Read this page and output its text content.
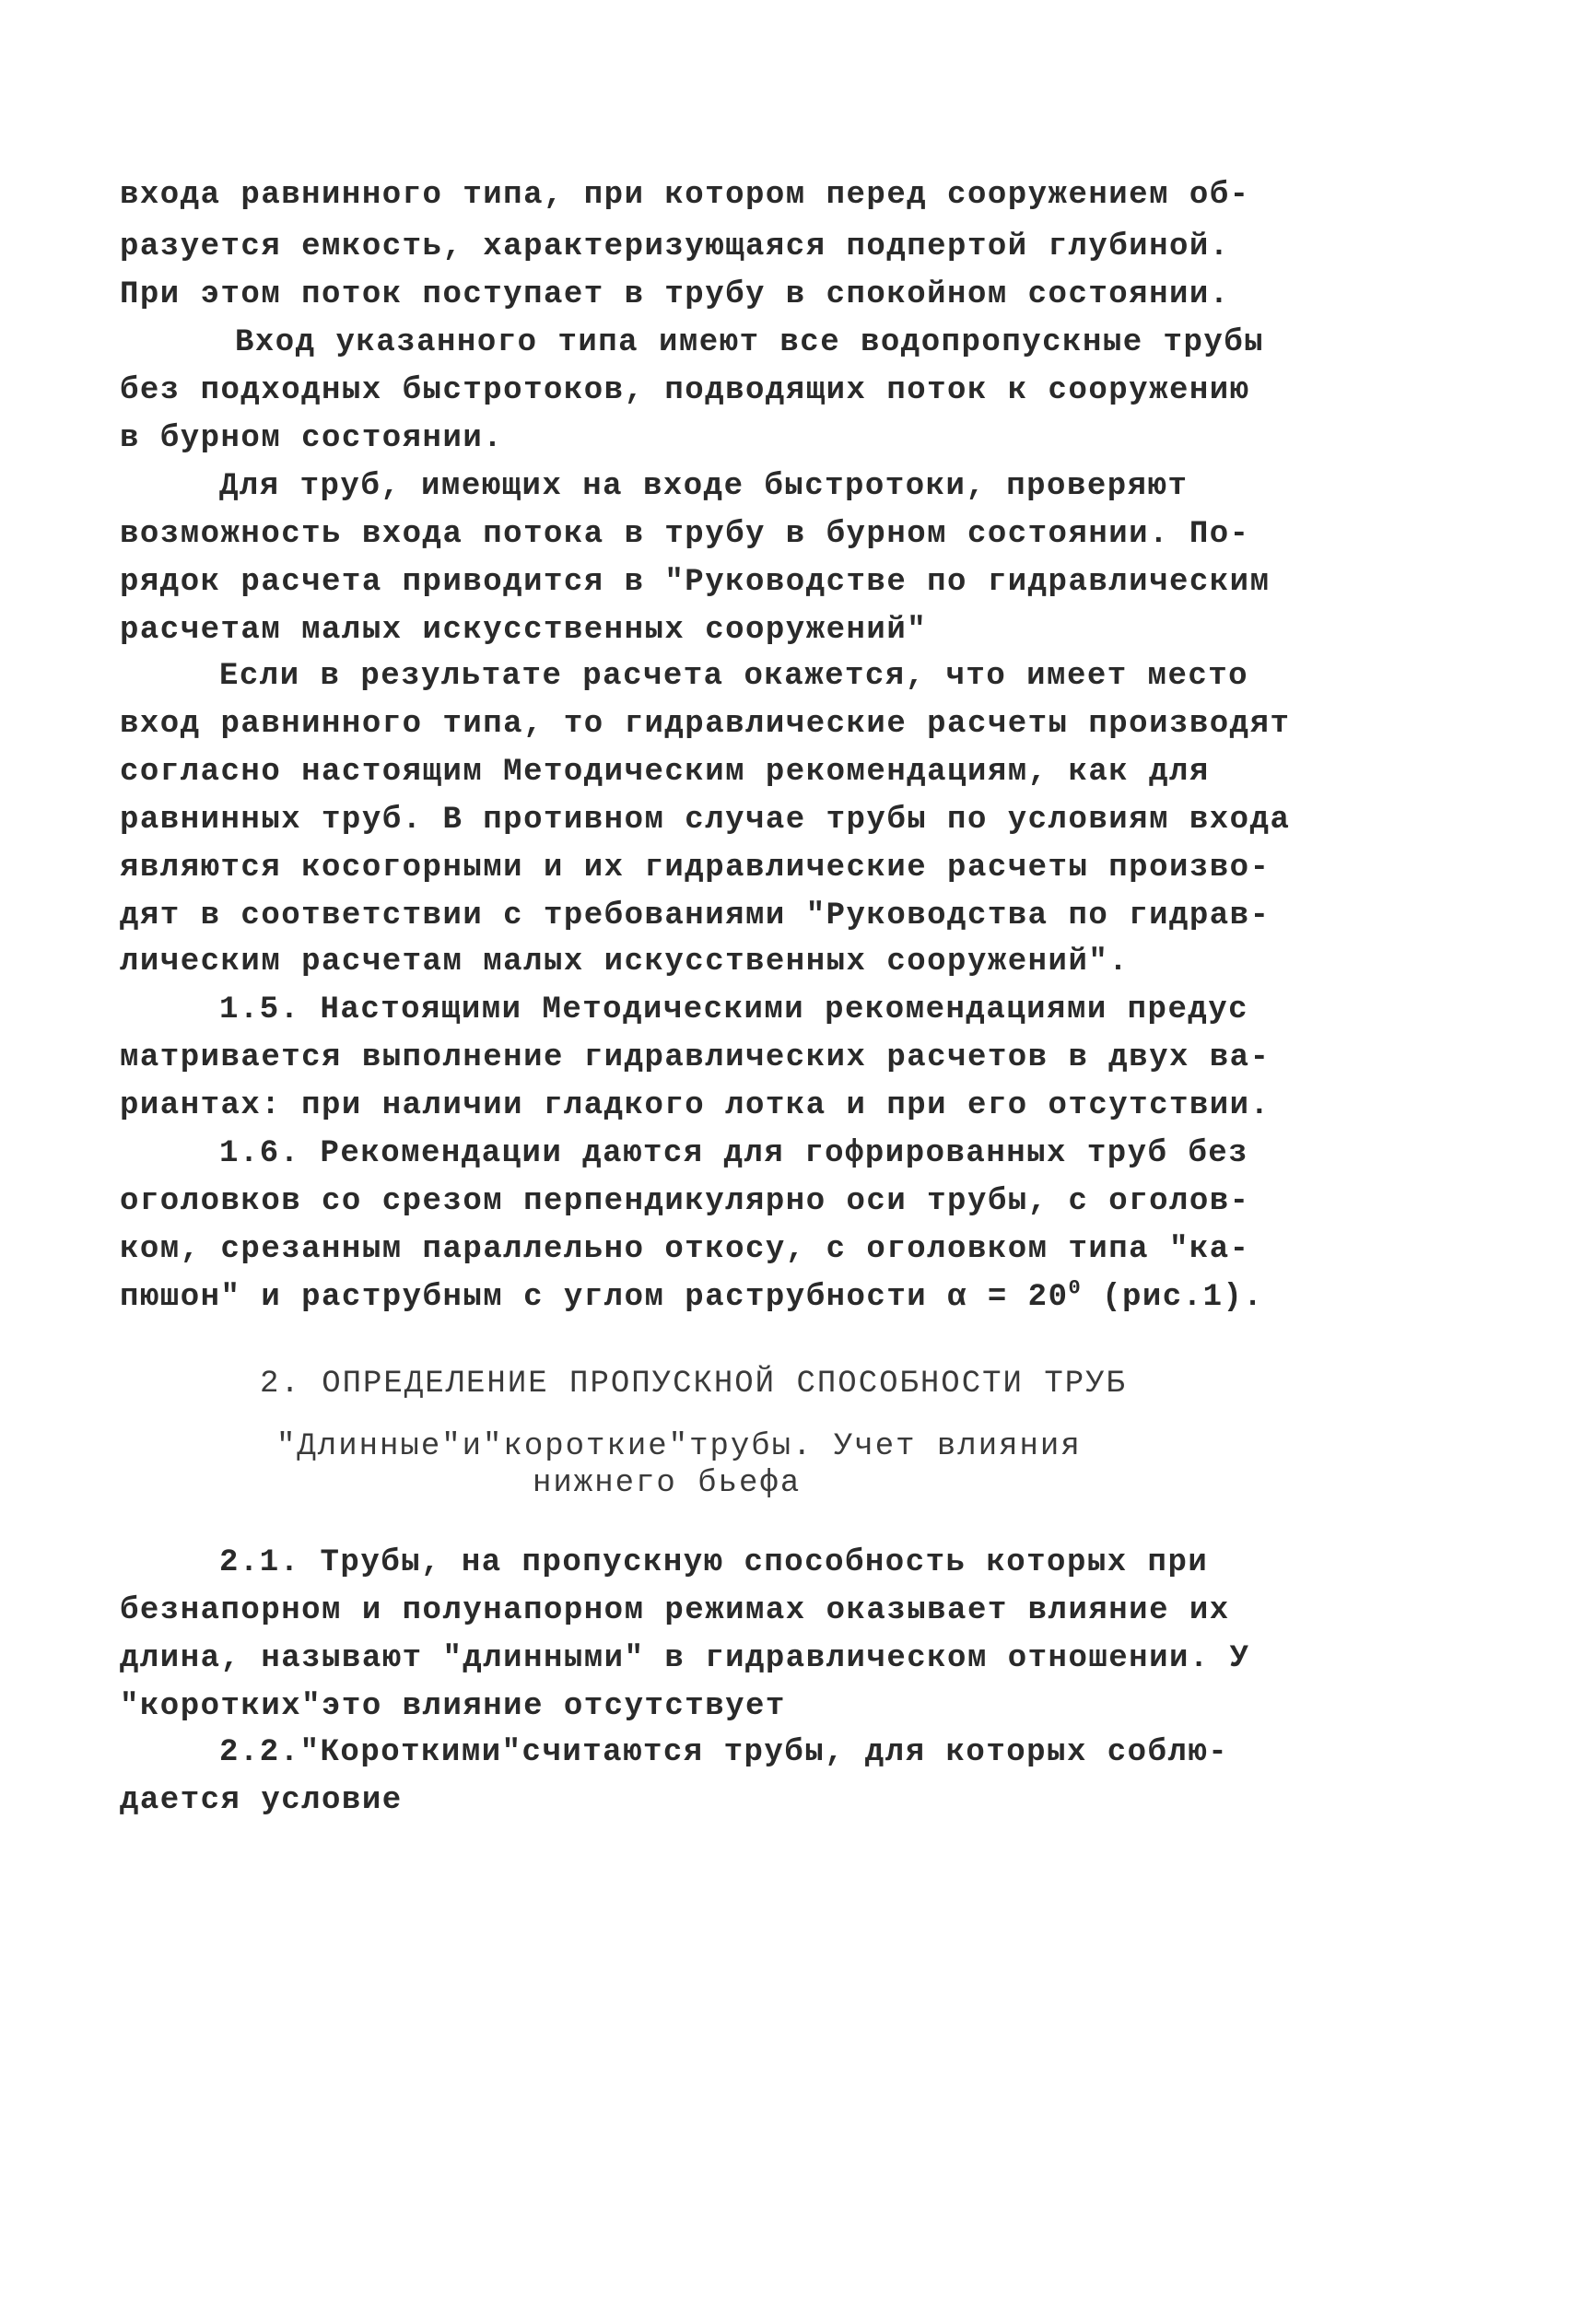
входа равнинного типа, при котором перед сооружением об-
разуется емкость, характеризующаяся подпертой глубиной.
При этом поток поступает в трубу в спокойном состоянии.
Вход указанного типа имеют все водопропускные трубы
без подходных быстротоков, подводящих поток к сооружению
в бурном состоянии.
Для труб, имеющих на входе быстротоки, проверяют
возможность входа потока в трубу в бурном состоянии. По-
рядок расчета приводится в "Руководстве по гидравлическим
расчетам малых искусственных сооружений"
Если в результате расчета окажется, что имеет место
вход равнинного типа, то гидравлические расчеты производят
согласно настоящим Методическим рекомендациям, как для
равнинных труб. В противном случае трубы по условиям входа
являются косогорными и их гидравлические расчеты произво-
дят в соответствии с требованиями "Руководства по гидрав-
лическим расчетам малых искусственных сооружений".
1.5. Настоящими Методическими рекомендациями предус
матривается выполнение гидравлических расчетов в двух ва-
риантах: при наличии гладкого лотка и при его отсутствии.
1.6. Рекомендации даются для гофрированных труб без
оголовков со срезом перпендикулярно оси трубы, с оголов-
ком, срезанным параллельно откосу, с оголовком типа "ка-
пюшон" и раструбным с углом раструбности $\alpha = 20^0$ (рис.1).
2. ОПРЕДЕЛЕНИЕ ПРОПУСКНОЙ СПОСОБНОСТИ ТРУБ
"Длинные"и"короткие"трубы. Учет влияния
нижнего бьефа
2.1. Трубы, на пропускную способность которых при
безнапорном и полунапорном режимах оказывает влияние их
длина, называют "длинными" в гидравлическом отношении. У
"коротких"это влияние отсутствует
2.2."Короткими"считаются трубы, для которых соблю-
дается условие
